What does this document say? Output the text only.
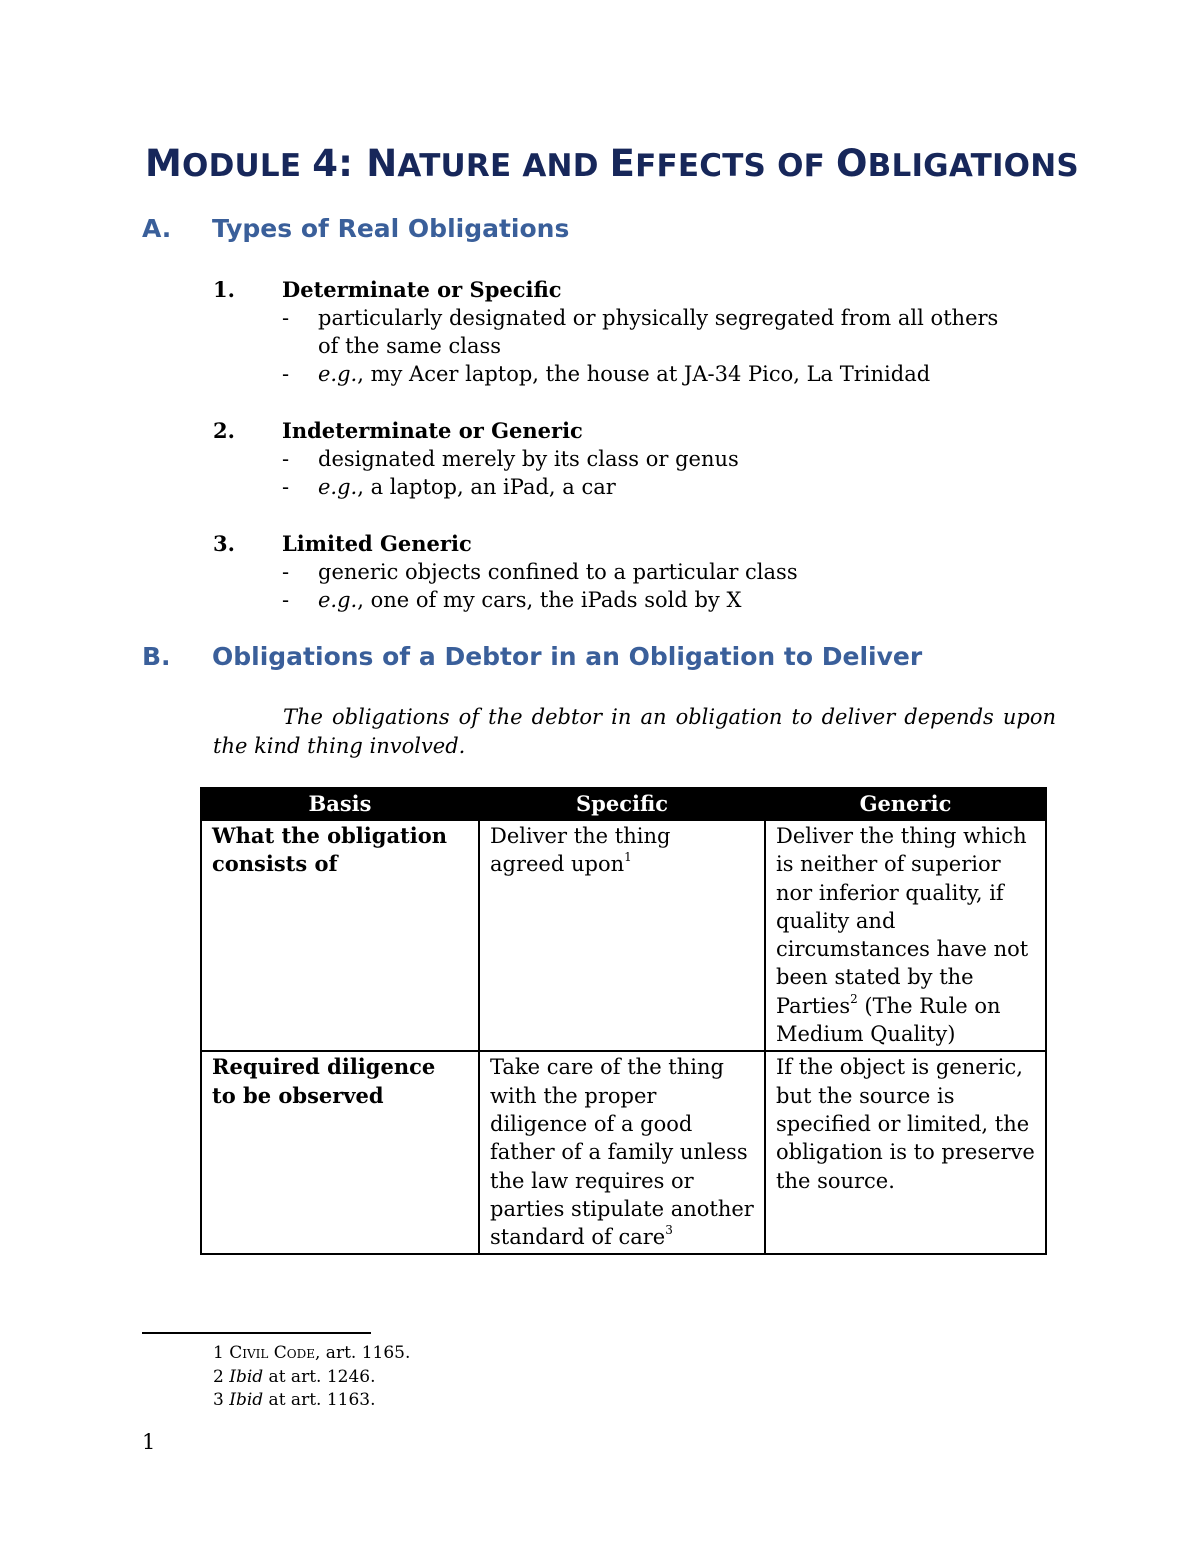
MODULE 4: NATURE AND EFFECTS OF OBLIGATIONS
A. Types of Real Obligations
1. Determinate or Specific
- particularly designated or physically segregated from all others
of the same class
- e.g., my Acer laptop, the house at JA-34 Pico, La Trinidad
2. Indeterminate or Generic
- designated merely by its class or genus
- e.g., a laptop, an iPad, a car
3. Limited Generic
- generic objects confined to a particular class
- e.g., one of my cars, the iPads sold by X
B. Obligations of a Debtor in an Obligation to Deliver

The obligations of the debtor in an obligation to deliver depends upon the kind thing involved.

Basis	Specific	Generic
What the obligation
consists of	Deliver the thing agreed upon$^1$	Deliver the thing which is neither of superior nor inferior quality, if quality and circumstances have not been stated by the Parties$^2$ (The Rule on Medium Quality)
Required diligence
to be observed	Take care of the thing with the proper diligence of a good father of a family unless the law requires or parties stipulate another standard of care$^3$	If the object is generic, but the source is specified or limited, the obligation is to preserve the source.
1 Civil Code, art. 1165.
2 Ibid at art. 1246.
3 Ibid at art. 1163.
1
